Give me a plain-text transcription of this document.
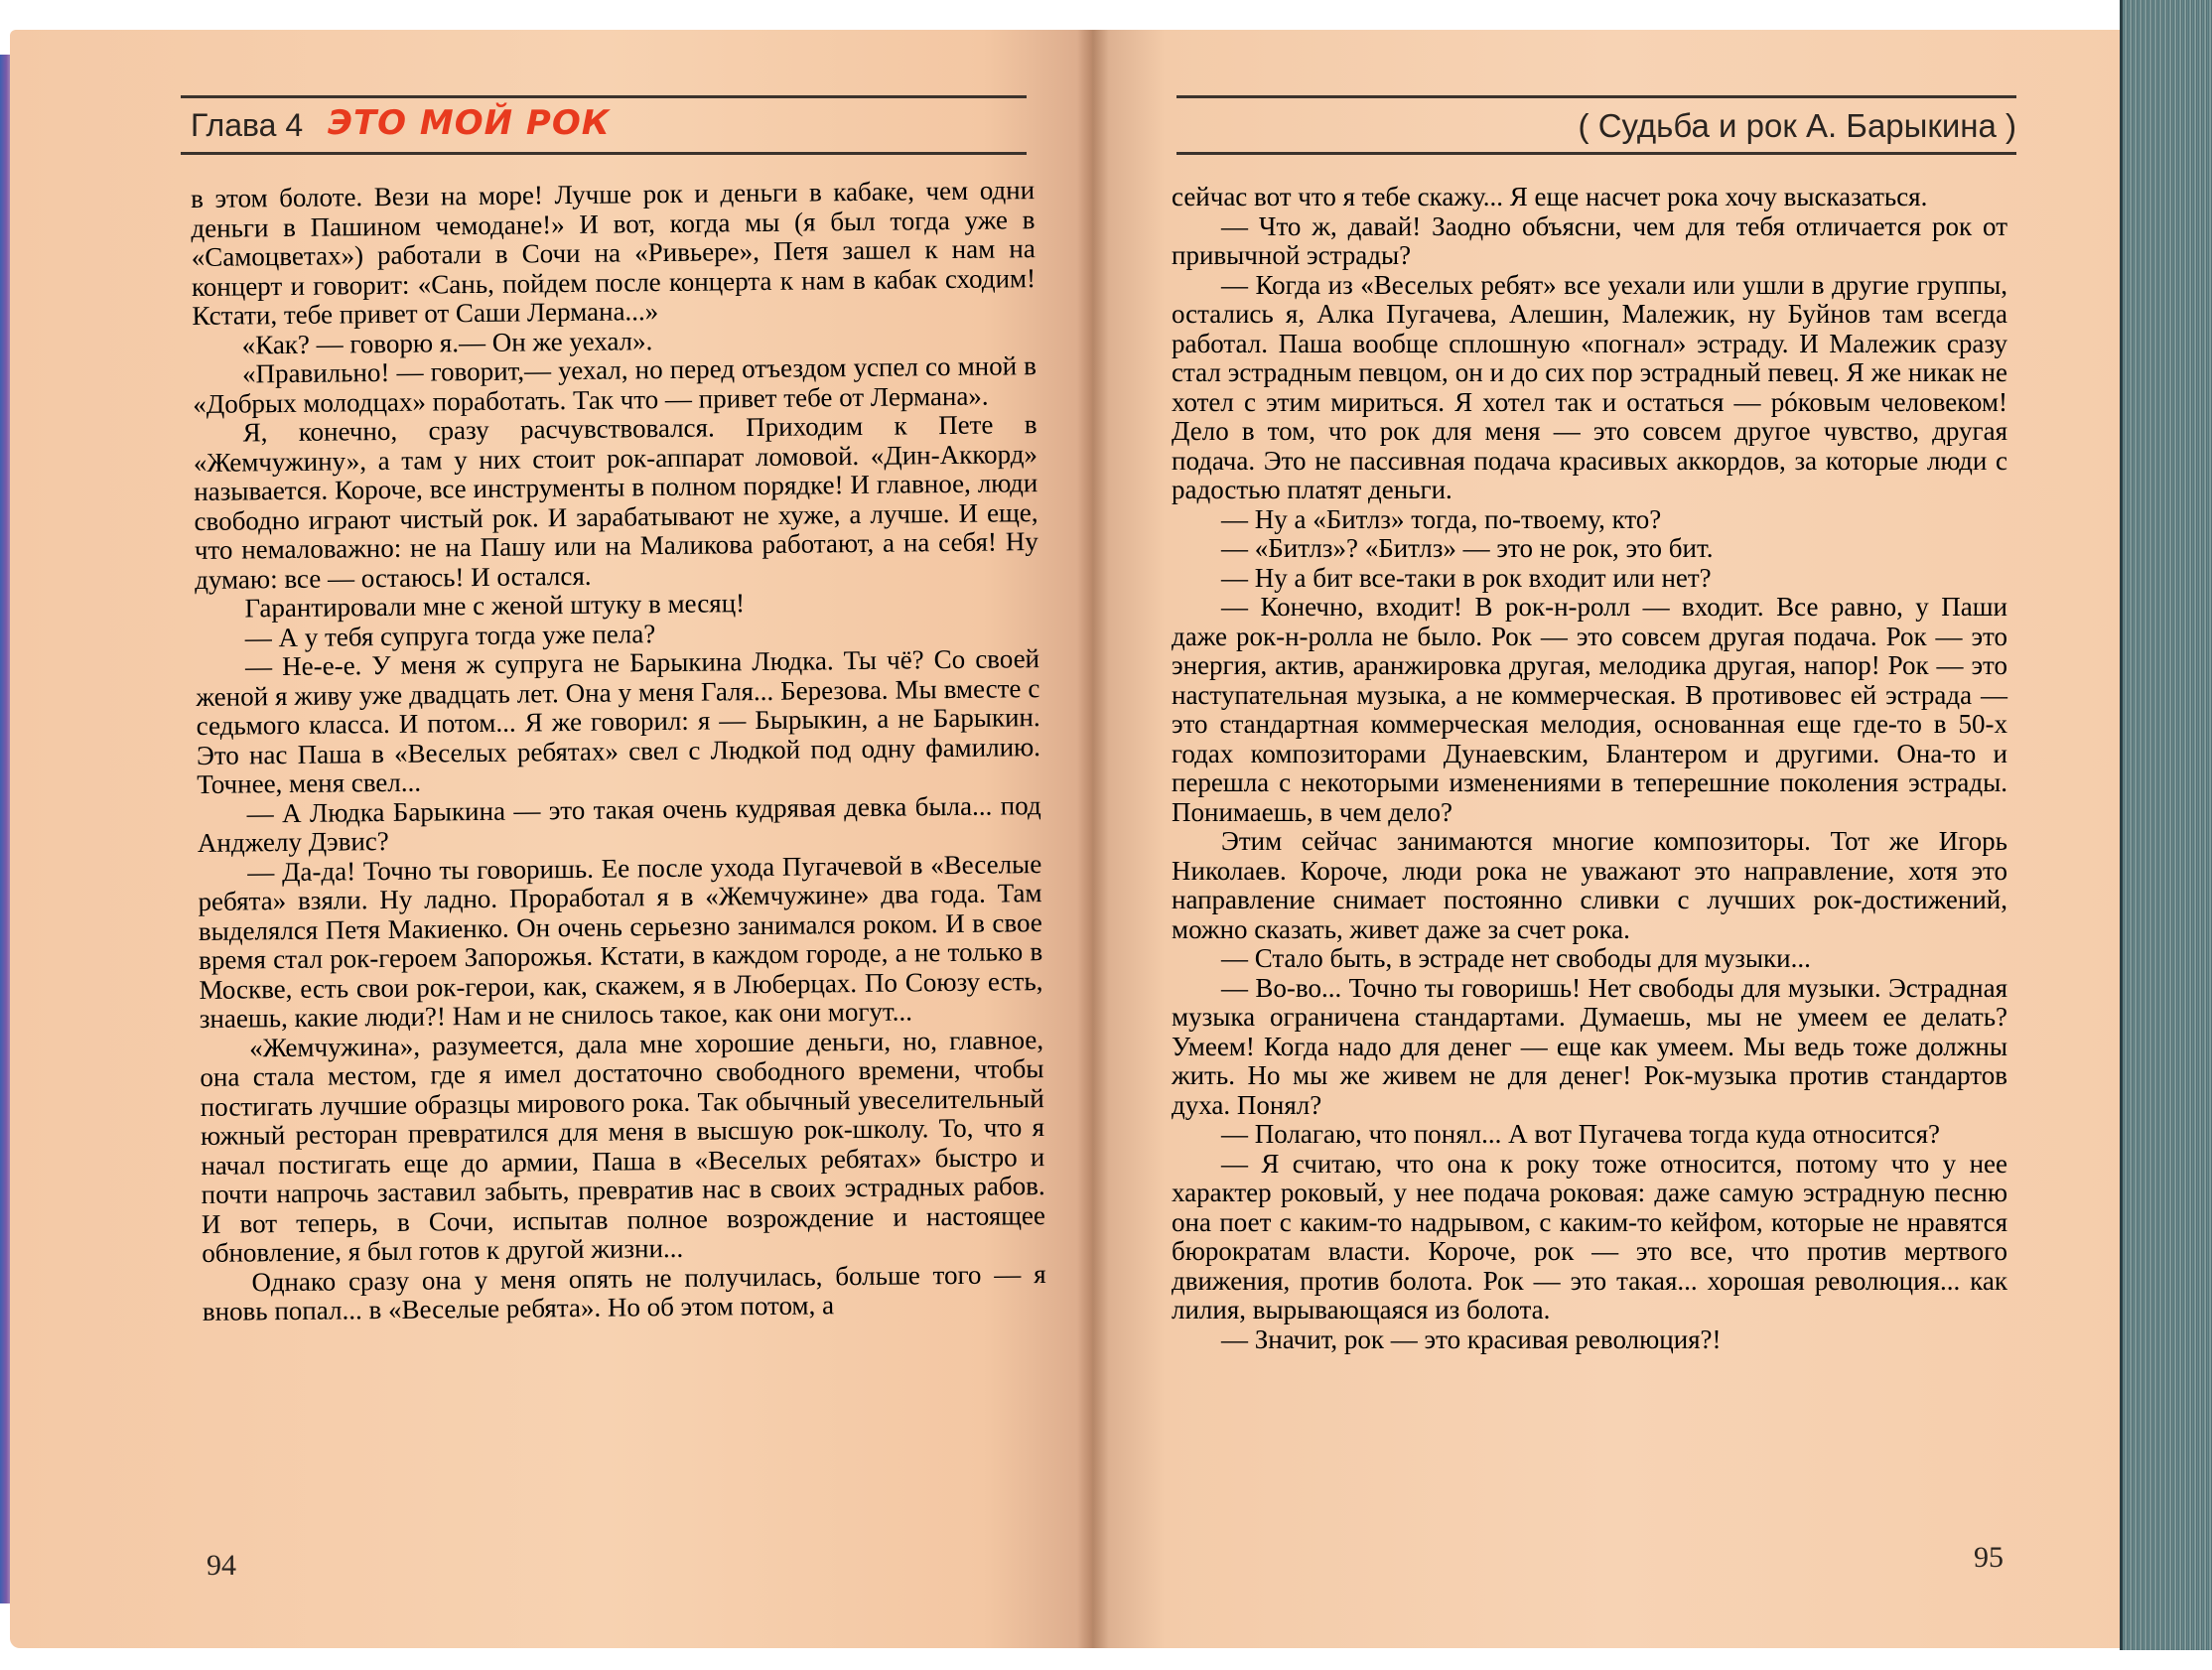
Глава 4 ЭТО МОЙ РОК	( Судьба и рок А. Барыкина )

в этом болоте. Вези на море! Лучше рок и деньги в кабаке, чем одни деньги в Пашином чемодане!» И вот, когда мы (я был тогда уже в «Самоцветах») работали в Сочи на «Ривьере», Петя зашел к нам на концерт и говорит: «Сань, пойдем после концерта к нам в кабак сходим! Кстати, тебе привет от Саши Лермана...»

«Как? — говорю я.— Он же уехал».

«Правильно! — говорит,— уехал, но перед отъездом успел со мной в «Добрых молодцах» поработать. Так что — привет тебе от Лермана».

Я, конечно, сразу расчувствовался. Приходим к Пете в «Жемчужину», а там у них стоит рок-аппарат ломовой. «Дин-Аккорд» называется. Короче, все инструменты в полном порядке! И главное, люди свободно играют чистый рок. И зарабатывают не хуже, а лучше. И еще, что немаловажно: не на Пашу или на Маликова работают, а на себя! Ну думаю: все — остаюсь! И остался.

Гарантировали мне с женой штуку в месяц!

— А у тебя супруга тогда уже пела?

— Не-е-е. У меня ж супруга не Барыкина Людка. Ты чё? Со своей женой я живу уже двадцать лет. Она у меня Галя... Березова. Мы вместе с седьмого класса. И потом... Я же говорил: я — Бырыкин, а не Барыкин. Это нас Паша в «Веселых ребятах» свел с Людкой под одну фамилию. Точнее, меня свел...

— А Людка Барыкина — это такая очень кудрявая девка была... под Анджелу Дэвис?

— Да-да! Точно ты говоришь. Ее после ухода Пугачевой в «Веселые ребята» взяли. Ну ладно. Проработал я в «Жемчужине» два года. Там выделялся Петя Макиенко. Он очень серьезно занимался роком. И в свое время стал рок-героем Запорожья. Кстати, в каждом городе, а не только в Москве, есть свои рок-герои, как, скажем, я в Люберцах. По Союзу есть, знаешь, какие люди?! Нам и не снилось такое, как они могут...

«Жемчужина», разумеется, дала мне хорошие деньги, но, главное, она стала местом, где я имел достаточно свободного времени, чтобы постигать лучшие образцы мирового рока. Так обычный увеселительный южный ресторан превратился для меня в высшую рок-школу. То, что я начал постигать еще до армии, Паша в «Веселых ребятах» быстро и почти напрочь заставил забыть, превратив нас в своих эстрадных рабов. И вот теперь, в Сочи, испытав полное возрождение и настоящее обновление, я был готов к другой жизни...

Однако сразу она у меня опять не получилась, больше того — я вновь попал... в «Веселые ребята». Но об этом потом, а

сейчас вот что я тебе скажу... Я еще насчет рока хочу высказаться.

— Что ж, давай! Заодно объясни, чем для тебя отличается рок от привычной эстрады?

— Когда из «Веселых ребят» все уехали или ушли в другие группы, остались я, Алка Пугачева, Алешин, Малежик, ну Буйнов там всегда работал. Паша вообще сплошную «погнал» эстраду. И Малежик сразу стал эстрадным певцом, он и до сих пор эстрадный певец. Я же никак не хотел с этим мириться. Я хотел так и остаться — рóковым человеком! Дело в том, что рок для меня — это совсем другое чувство, другая подача. Это не пассивная подача красивых аккордов, за которые люди с радостью платят деньги.

— Ну а «Битлз» тогда, по-твоему, кто?

— «Битлз»? «Битлз» — это не рок, это бит.

— Ну а бит все-таки в рок входит или нет?

— Конечно, входит! В рок-н-ролл — входит. Все равно, у Паши даже рок-н-ролла не было. Рок — это совсем другая подача. Рок — это энергия, актив, аранжировка другая, мелодика другая, напор! Рок — это наступательная музыка, а не коммерческая. В противовес ей эстрада — это стандартная коммерческая мелодия, основанная еще где-то в 50-х годах композиторами Дунаевским, Блантером и другими. Она-то и перешла с некоторыми изменениями в теперешние поколения эстрады. Понимаешь, в чем дело?

Этим сейчас занимаются многие композиторы. Тот же Игорь Николаев. Короче, люди рока не уважают это направление, хотя это направление снимает постоянно сливки с лучших рок-достижений, можно сказать, живет даже за счет рока.

— Стало быть, в эстраде нет свободы для музыки...

— Во-во... Точно ты говоришь! Нет свободы для музыки. Эстрадная музыка ограничена стандартами. Думаешь, мы не умеем ее делать? Умеем! Когда надо для денег — еще как умеем. Мы ведь тоже должны жить. Но мы же живем не для денег! Рок-музыка против стандартов духа. Понял?

— Полагаю, что понял... А вот Пугачева тогда куда относится?

— Я считаю, что она к року тоже относится, потому что у нее характер роковый, у нее подача роковая: даже самую эстрадную песню она поет с каким-то надрывом, с каким-то кейфом, которые не нравятся бюрократам власти. Короче, рок — это все, что против мертвого движения, против болота. Рок — это такая... хорошая революция... как лилия, вырывающаяся из болота.

— Значит, рок — это красивая революция?!

94	95
